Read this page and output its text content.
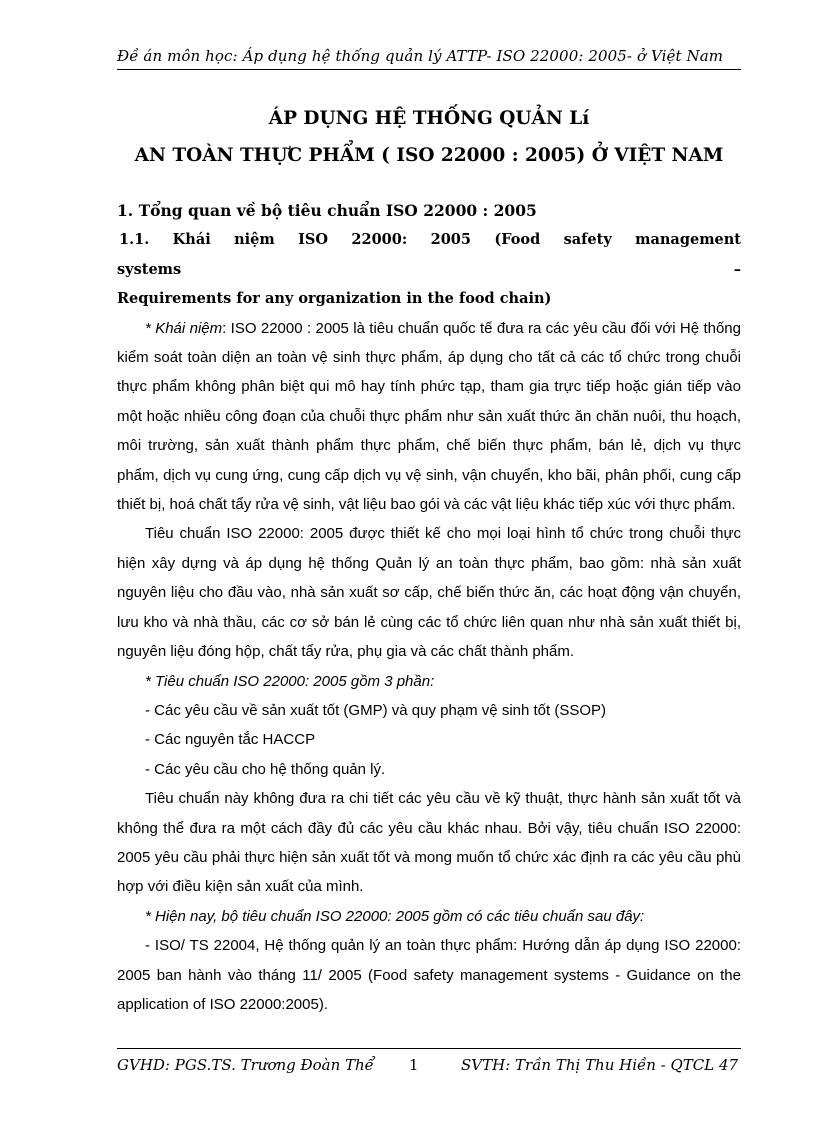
Đề án môn học: Áp dụng hệ thống quản lý ATTP- ISO 22000: 2005- ở Việt Nam
ÁP DỤNG HỆ THỐNG QUẢN Lí
AN TOÀN THỰC PHẨM ( ISO 22000 : 2005) Ở VIỆT NAM

1. Tổng quan về bộ tiêu chuẩn ISO 22000 : 2005

1.1. Khái niệm ISO 22000: 2005 (Food safety management systems –

Requirements for any organization in the food chain)

* Khái niệm: ISO 22000 : 2005 là tiêu chuẩn quốc tế đưa ra các yêu cầu đối với Hệ thống kiểm soát toàn diện an toàn vệ sinh thực phẩm, áp dụng cho tất cả các tổ chức trong chuỗi thực phẩm không phân biệt qui mô hay tính phức tạp, tham gia trực tiếp hoặc gián tiếp vào một hoặc nhiều công đoạn của chuỗi thực phẩm như sản xuất thức ăn chăn nuôi, thu hoạch, môi trường, sản xuất thành phẩm thực phẩm, chế biến thực phẩm, bán lẻ, dịch vụ thực phẩm, dịch vụ cung ứng, cung cấp dịch vụ vệ sinh, vận chuyển, kho bãi, phân phối, cung cấp thiết bị, hoá chất tẩy rửa vệ sinh, vật liệu bao gói và các vật liệu khác tiếp xúc với thực phẩm.

Tiêu chuẩn ISO 22000: 2005 được thiết kế cho mọi loại hình tổ chức trong chuỗi thực hiện xây dựng và áp dụng hệ thống Quản lý an toàn thực phẩm, bao gồm: nhà sản xuất nguyên liệu cho đầu vào, nhà sản xuất sơ cấp, chế biến thức ăn, các hoạt động vận chuyển, lưu kho và nhà thầu, các cơ sở bán lẻ cùng các tổ chức liên quan như nhà sản xuất thiết bị, nguyên liệu đóng hộp, chất tẩy rửa, phụ gia và các chất thành phẩm.

* Tiêu chuẩn ISO 22000: 2005 gồm 3 phần:

- Các yêu cầu về sản xuất tốt (GMP) và quy phạm vệ sinh tốt (SSOP)

- Các nguyên tắc HACCP

- Các yêu cầu cho hệ thống quản lý.

Tiêu chuẩn này không đưa ra chi tiết các yêu cầu về kỹ thuật, thực hành sản xuất tốt và không thể đưa ra một cách đầy đủ các yêu cầu khác nhau. Bởi vậy, tiêu chuẩn ISO 22000: 2005 yêu cầu phải thực hiện sản xuất tốt và mong muốn tổ chức xác định ra các yêu cầu phù hợp với điều kiện sản xuất của mình.

* Hiện nay, bộ tiêu chuẩn ISO 22000: 2005 gồm có các tiêu chuẩn sau đây:

- ISO/ TS 22004, Hệ thống quản lý an toàn thực phẩm: Hướng dẫn áp dụng ISO 22000: 2005 ban hành vào tháng 11/ 2005 (Food safety management systems - Guidance on the application of ISO 22000:2005).

GVHD: PGS.TS. Trương Đoàn Thể 1	SVTH: Trần Thị Thu Hiền - QTCL 47
